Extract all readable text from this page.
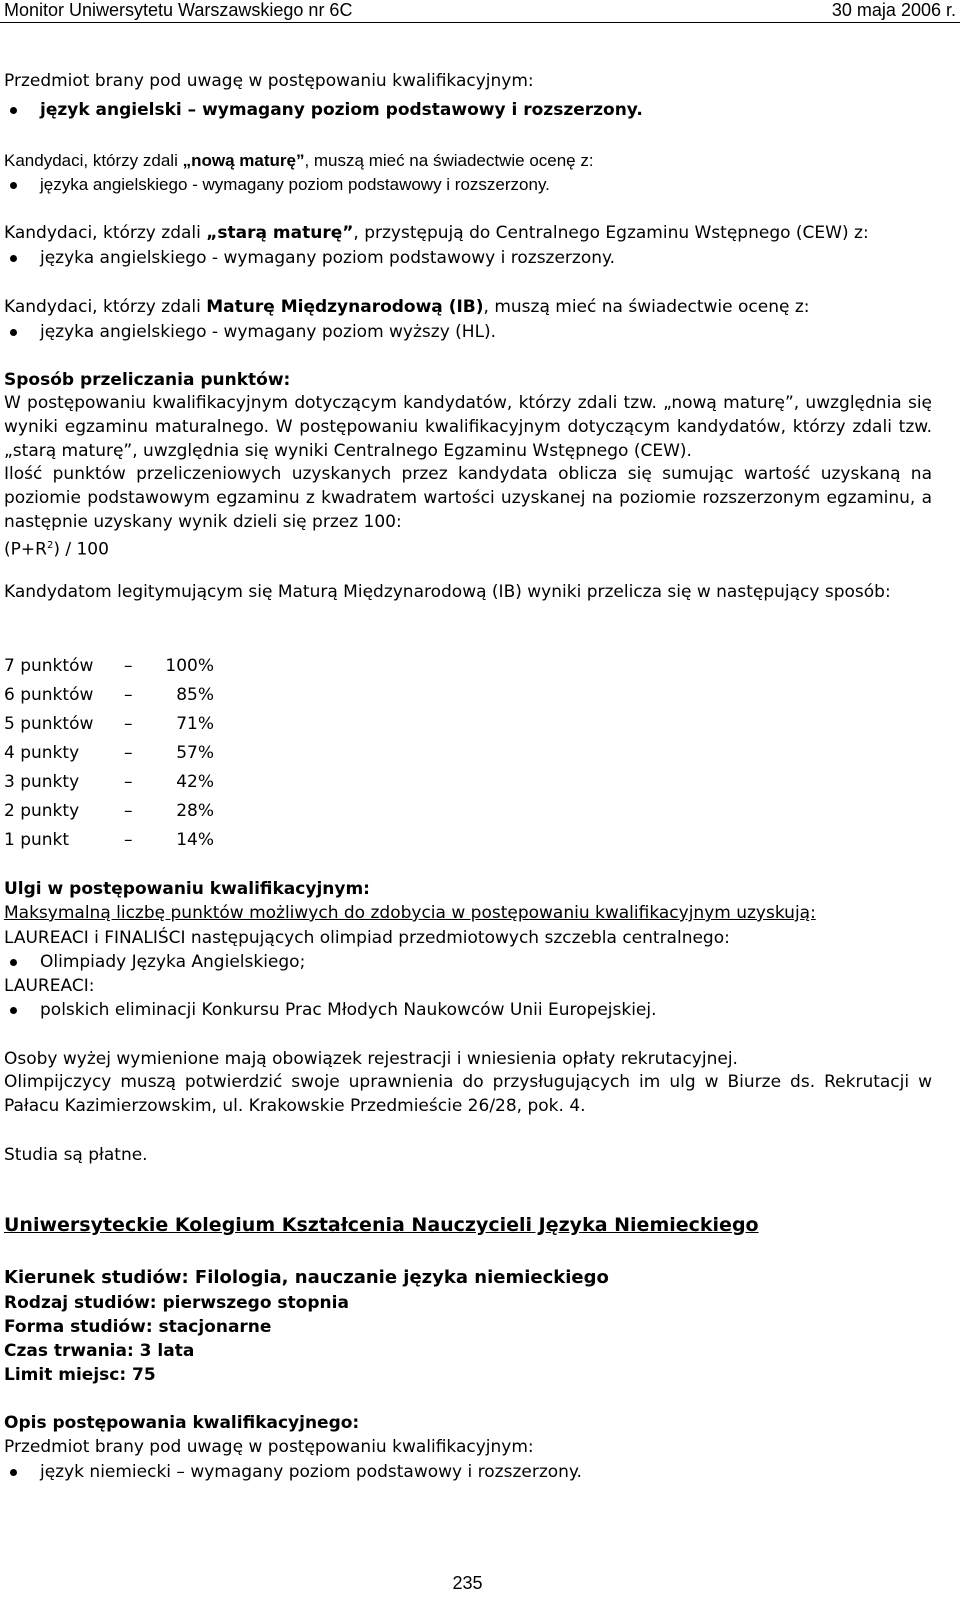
Monitor Uniwersytetu Warszawskiego nr 6C	30 maja 2006 r.
Przedmiot brany pod uwagę w postępowaniu kwalifikacyjnym:
język angielski – wymagany poziom podstawowy i rozszerzony.
Kandydaci, którzy zdali „nową maturę”, muszą mieć na świadectwie ocenę z:
języka angielskiego - wymagany poziom podstawowy i rozszerzony.
Kandydaci, którzy zdali „starą maturę”, przystępują do Centralnego Egzaminu Wstępnego (CEW) z:
języka angielskiego - wymagany poziom podstawowy i rozszerzony.
Kandydaci, którzy zdali Maturę Międzynarodową (IB), muszą mieć na świadectwie ocenę z:
języka angielskiego - wymagany poziom wyższy (HL).
Sposób przeliczania punktów:
W postępowaniu kwalifikacyjnym dotyczącym kandydatów, którzy zdali tzw. „nową maturę”, uwzględnia się wyniki egzaminu maturalnego. W postępowaniu kwalifikacyjnym dotyczącym kandydatów, którzy zdali tzw. „starą maturę”, uwzględnia się wyniki Centralnego Egzaminu Wstępnego (CEW).
Ilość punktów przeliczeniowych uzyskanych przez kandydata oblicza się sumując wartość uzyskaną na poziomie podstawowym egzaminu z kwadratem wartości uzyskanej na poziomie rozszerzonym egzaminu, a następnie uzyskany wynik dzieli się przez 100:
$(P+R^2) / 100$
Kandydatom legitymującym się Maturą Międzynarodową (IB) wyniki przelicza się w następujący sposób:
7 punktów –	100%
6 punktów –	85%
5 punktów –	71%
4 punkty	–	57%
3 punkty	–	42%
2 punkty	–	28%
1 punkt	–	14%
Ulgi w postępowaniu kwalifikacyjnym:
Maksymalną liczbę punktów możliwych do zdobycia w postępowaniu kwalifikacyjnym uzyskują:
LAUREACI i FINALIŚCI następujących olimpiad przedmiotowych szczebla centralnego:
Olimpiady Języka Angielskiego;
LAUREACI:
polskich eliminacji Konkursu Prac Młodych Naukowców Unii Europejskiej.
Osoby wyżej wymienione mają obowiązek rejestracji i wniesienia opłaty rekrutacyjnej.
Olimpijczycy muszą potwierdzić swoje uprawnienia do przysługujących im ulg w Biurze ds. Rekrutacji w Pałacu Kazimierzowskim, ul. Krakowskie Przedmieście 26/28, pok. 4.
Studia są płatne.
Uniwersyteckie Kolegium Kształcenia Nauczycieli Języka Niemieckiego
Kierunek studiów: Filologia, nauczanie języka niemieckiego
Rodzaj studiów: pierwszego stopnia
Forma studiów: stacjonarne
Czas trwania: 3 lata
Limit miejsc: 75
Opis postępowania kwalifikacyjnego:
Przedmiot brany pod uwagę w postępowaniu kwalifikacyjnym:
język niemiecki – wymagany poziom podstawowy i rozszerzony.
235
